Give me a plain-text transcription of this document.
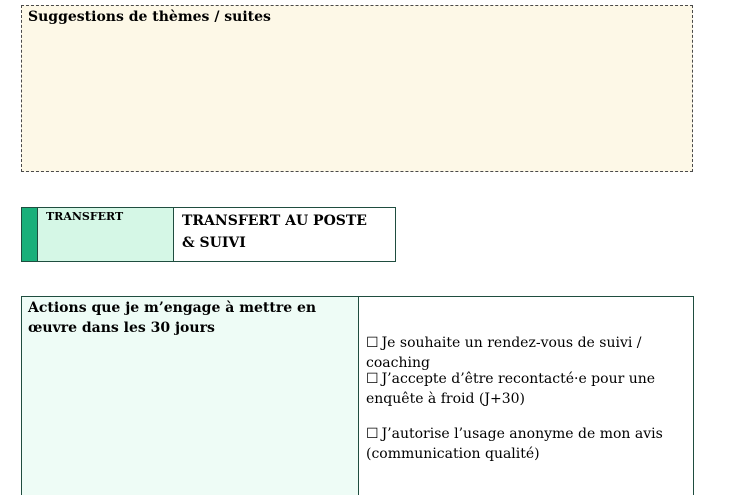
Suggestions de thèmes / suites
TRANSFERT	TRANSFERT AU POSTE & SUIVI
Actions que je m’engage à mettre en œuvre dans les 30 jours
☐ Je souhaite un rendez-vous de suivi / coaching
☐ J’accepte d’être recontacté·e pour une enquête à froid (J+30)
☐ J’autorise l’usage anonyme de mon avis (communication qualité)
